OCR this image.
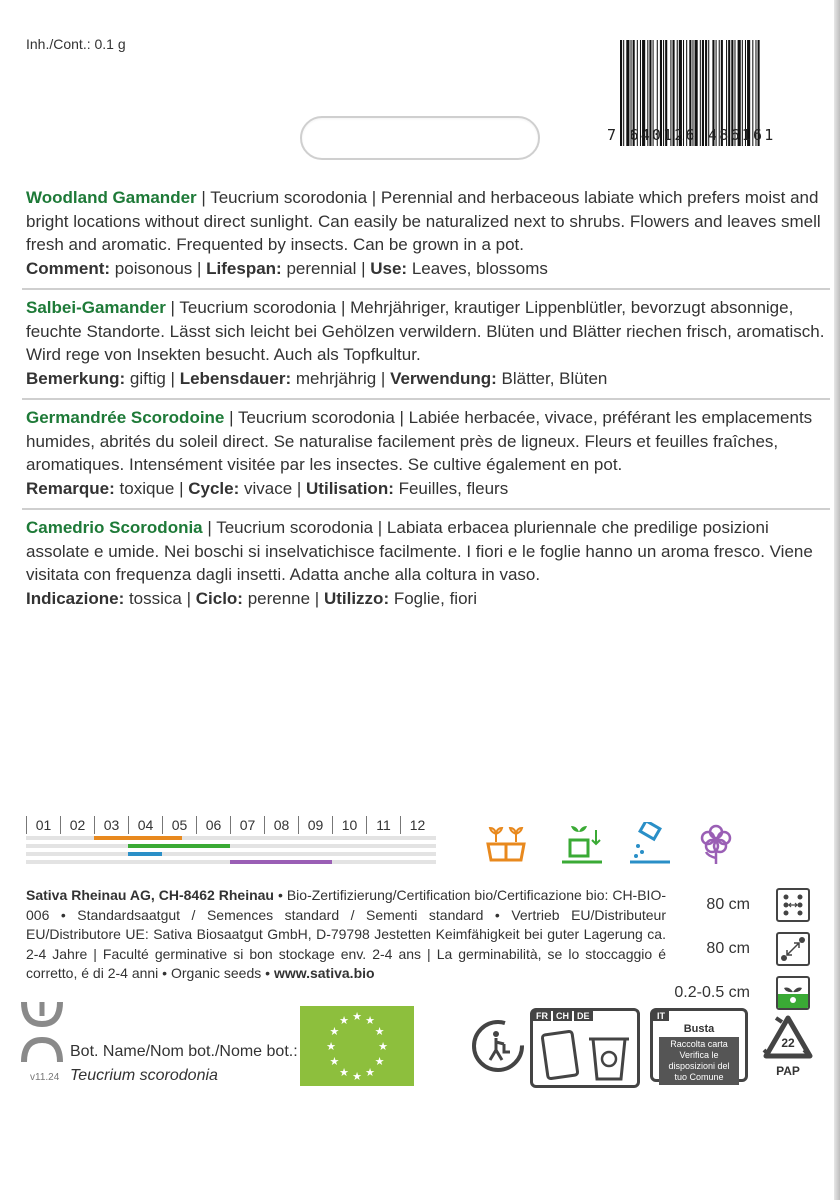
Inh./Cont.: 0.1 g
7 640126 486161

Woodland Gamander | Teucrium scorodonia | Perennial and herbaceous labiate which prefers moist and bright locations without direct sunlight. Can easily be naturalized next to shrubs. Flowers and leaves smell fresh and aromatic. Frequented by insects. Can be grown in a pot.

Comment: poisonous | Lifespan: perennial | Use: Leaves, blossoms

Salbei-Gamander | Teucrium scorodonia | Mehrjähriger, krautiger Lippenblütler, bevorzugt absonnige, feuchte Standorte. Lässt sich leicht bei Gehölzen verwildern. Blüten und Blätter riechen frisch, aromatisch. Wird rege von Insekten besucht. Auch als Topfkultur.

Bemerkung: giftig | Lebensdauer: mehrjährig | Verwendung: Blätter, Blüten

Germandrée Scorodoine | Teucrium scorodonia | Labiée herbacée, vivace, préférant les emplacements humides, abrités du soleil direct. Se naturalise facilement près de ligneux. Fleurs et feuilles fraîches, aromatiques. Intensément visitée par les insectes. Se cultive également en pot.

Remarque: toxique | Cycle: vivace | Utilisation: Feuilles, fleurs

Camedrio Scorodonia | Teucrium scorodonia | Labiata erbacea pluriennale che predilige posizioni assolate e umide. Nei boschi si inselvatichisce facilmente. I fiori e le foglie hanno un aroma fresco. Viene visitata con frequenza dagli insetti. Adatta anche alla coltura in vaso.

Indicazione: tossica | Ciclo: perenne | Utilizzo: Foglie, fiori

01	02	03	04	05	06	07	08	09	10	11	12
Sativa Rheinau AG, CH-8462 Rheinau • Bio-Zertifizierung/Certification bio/Certificazione bio: CH-BIO-006 • Standardsaatgut / Semences standard / Sementi standard • Vertrieb EU/Distributeur EU/Distributore UE: Sativa Biosaatgut GmbH, D-79798 Jestetten Keimfähigkeit bei guter Lagerung ca. 2-4 Jahre | Faculté germinative si bon stockage env. 2-4 ans | La germinabilità, se lo stoccaggio é corretto, é di 2-4 anni • Organic seeds • www.sativa.bio
80 cm
80 cm
0.2-0.5 cm
v11.24
Bot. Name/Nom bot./Nome bot.:
Teucrium scorodonia
★
★
★
★
★
★
★
★
★ ★ ★
★
FR CH DE	IT
Busta
Raccolta carta Verifica le disposizioni del tuo Comune
22
PAP
